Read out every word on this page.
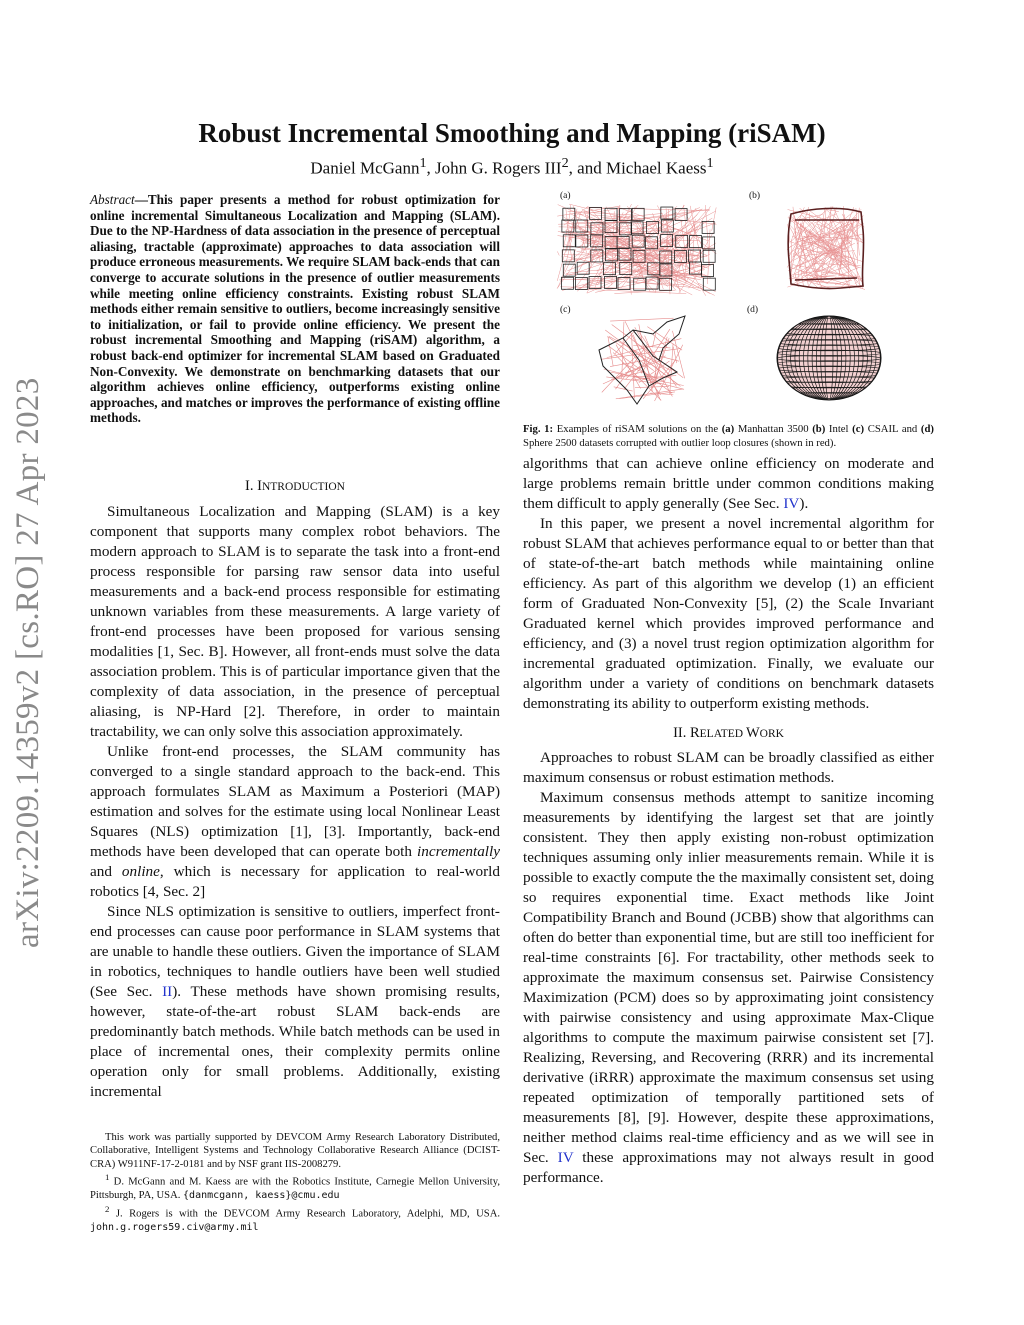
arXiv:2209.14359v2 [cs.RO] 27 Apr 2023
Robust Incremental Smoothing and Mapping (riSAM)
Daniel McGann$^1$, John G. Rogers III$^2$, and Michael Kaess$^1$
Abstract—This paper presents a method for robust optimization for online incremental Simultaneous Localization and Mapping (SLAM). Due to the NP-Hardness of data association in the presence of perceptual aliasing, tractable (approximate) approaches to data association will produce erroneous measurements. We require SLAM back-ends that can converge to accurate solutions in the presence of outlier measurements while meeting online efficiency constraints. Existing robust SLAM methods either remain sensitive to outliers, become increasingly sensitive to initialization, or fail to provide online efficiency. We present the robust incremental Smoothing and Mapping (riSAM) algorithm, a robust back-end optimizer for incremental SLAM based on Graduated Non-Convexity. We demonstrate on benchmarking datasets that our algorithm achieves online efficiency, outperforms existing online approaches, and matches or improves the performance of existing offline methods.
I. INTRODUCTION

Simultaneous Localization and Mapping (SLAM) is a key component that supports many complex robot behaviors. The modern approach to SLAM is to separate the task into a front-end process responsible for parsing raw sensor data into useful measurements and a back-end process responsible for estimating unknown variables from these measurements. A large variety of front-end processes have been proposed for various sensing modalities [1, Sec. B]. However, all front-ends must solve the data association problem. This is of particular importance given that the complexity of data association, in the presence of perceptual aliasing, is NP-Hard [2]. Therefore, in order to maintain tractability, we can only solve this association approximately.

Unlike front-end processes, the SLAM community has converged to a single standard approach to the back-end. This approach formulates SLAM as Maximum a Posteriori (MAP) estimation and solves for the estimate using local Nonlinear Least Squares (NLS) optimization [1], [3]. Importantly, back-end methods have been developed that can operate both incrementally and online, which is necessary for application to real-world robotics [4, Sec. 2]

Since NLS optimization is sensitive to outliers, imperfect front-end processes can cause poor performance in SLAM systems that are unable to handle these outliers. Given the importance of SLAM in robotics, techniques to handle outliers have been well studied (See Sec. II). These methods have shown promising results, however, state-of-the-art robust SLAM back-ends are predominantly batch methods. While batch methods can be used in place of incremental ones, their complexity permits online operation only for small problems. Additionally, existing incremental

This work was partially supported by DEVCOM Army Research Laboratory Distributed, Collaborative, Intelligent Systems and Technology Collaborative Research Alliance (DCIST-CRA) W911NF-17-2-0181 and by NSF grant IIS-2008279.

$^1$ D. McGann and M. Kaess are with the Robotics Institute, Carnegie Mellon University, Pittsburgh, PA, USA. {danmcgann, kaess}@cmu.edu

$^2$ J. Rogers is with the DEVCOM Army Research Laboratory, Adelphi, MD, USA. john.g.rogers59.civ@army.mil

(a)	(b)
(c)	(d)
Fig. 1: Examples of riSAM solutions on the (a) Manhattan 3500 (b) Intel (c) CSAIL and (d) Sphere 2500 datasets corrupted with outlier loop closures (shown in red).

algorithms that can achieve online efficiency on moderate and large problems remain brittle under common conditions making them difficult to apply generally (See Sec. IV).

In this paper, we present a novel incremental algorithm for robust SLAM that achieves performance equal to or better than that of state-of-the-art batch methods while maintaining online efficiency. As part of this algorithm we develop (1) an efficient form of Graduated Non-Convexity [5], (2) the Scale Invariant Graduated kernel which provides improved performance and efficiency, and (3) a novel trust region optimization algorithm for incremental graduated optimization. Finally, we evaluate our algorithm under a variety of conditions on benchmark datasets demonstrating its ability to outperform existing methods.

II. RELATED WORK

Approaches to robust SLAM can be broadly classified as either maximum consensus or robust estimation methods.

Maximum consensus methods attempt to sanitize incoming measurements by identifying the largest set that are jointly consistent. They then apply existing non-robust optimization techniques assuming only inlier measurements remain. While it is possible to exactly compute the the maximally consistent set, doing so requires exponential time. Exact methods like Joint Compatibility Branch and Bound (JCBB) show that algorithms can often do better than exponential time, but are still too inefficient for real-time constraints [6]. For tractability, other methods seek to approximate the maximum consensus set. Pairwise Consistency Maximization (PCM) does so by approximating joint consistency with pairwise consistency and using approximate Max-Clique algorithms to compute the maximum pairwise consistent set [7]. Realizing, Reversing, and Recovering (RRR) and its incremental derivative (iRRR) approximate the maximum consensus set using repeated optimization of temporally partitioned sets of measurements [8], [9]. However, despite these approximations, neither method claims real-time efficiency and as we will see in Sec. IV these approximations may not always result in good performance.
